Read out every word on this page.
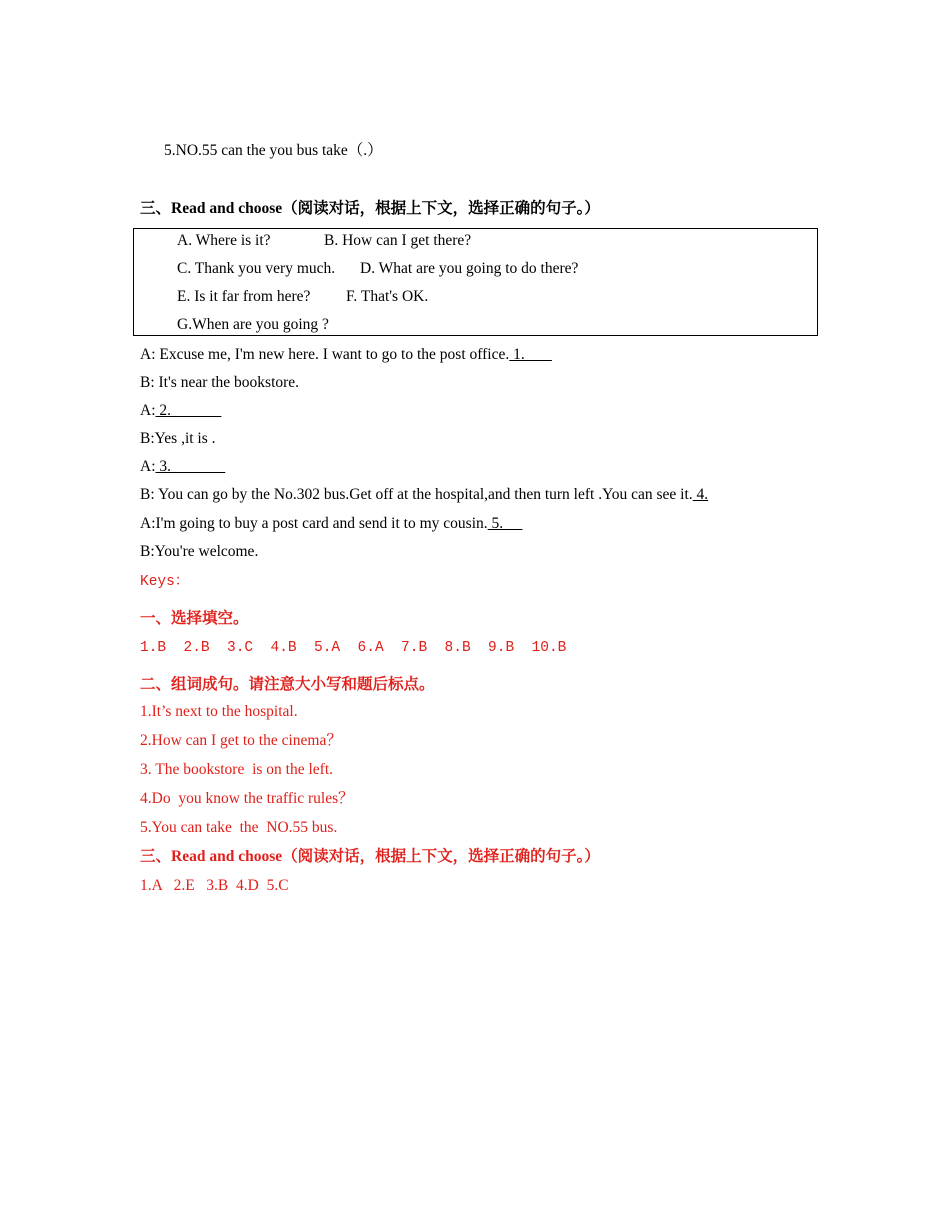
5.NO.55 can the you bus take（.）
三、Read and choose（阅读对话，根据上下文，选择正确的句子。）
A. Where is it?	B. How can I get there?
C. Thank you very much. D. What are you going to do there?
E. Is it far from here? F. That's OK.
G.When are you going ?
A: Excuse me, I'm new here. I want to go to the post office. 1.
B: It's near the bookstore.
A: 2.
B:Yes ,it is .
A: 3.
B: You can go by the No.302 bus.Get off at the hospital,and then turn left .You can see it. 4.
A:I'm going to buy a post card and send it to my cousin. 5.
B:You're welcome.
Keys：
一、选择填空。
1.B  2.B  3.C  4.B  5.A  6.A  7.B  8.B  9.B  10.B
二、组词成句。请注意大小写和题后标点。
1.It’s next to the hospital.
2.How can I get to the cinema？
3. The bookstore  is on the left.
4.Do  you know the traffic rules？
5.You can take  the  NO.55 bus.
三、Read and choose（阅读对话，根据上下文，选择正确的句子。）
1.A   2.E   3.B  4.D  5.C
